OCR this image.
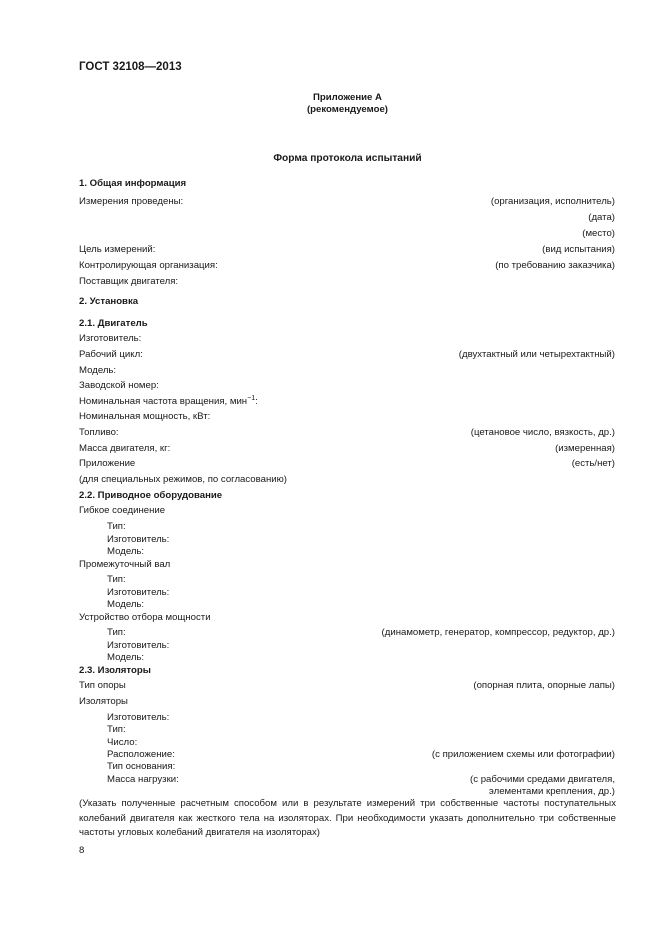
ГОСТ 32108—2013
Приложение А
(рекомендуемое)
Форма протокола испытаний
1. Общая информация
Измерения проведены:	(организация, исполнитель)
(дата)
(место)
Цель измерений:	(вид испытания)
Контролирующая организация:	(по требованию заказчика)
Поставщик двигателя:
2. Установка
2.1. Двигатель
Изготовитель:
Рабочий цикл:	(двухтактный или четырехтактный)
Модель:
Заводской номер:
Номинальная частота вращения, мин$^{-1}$:
Номинальная мощность, кВт:
Топливо:	(цетановое число, вязкость, др.)
Масса двигателя, кг:	(измеренная)
Приложение	(есть/нет)
(для специальных режимов, по согласованию)
2.2. Приводное оборудование
Гибкое соединение
Тип:
Изготовитель:
Модель:
Промежуточный вал
Тип:
Изготовитель:
Модель:
Устройство отбора мощности
Тип:	(динамометр, генератор, компрессор, редуктор, др.)
Изготовитель:
Модель:
2.3. Изоляторы
Тип опоры	(опорная плита, опорные лапы)
Изоляторы
Изготовитель:
Тип:
Число:
Расположение:	(с приложением схемы или фотографии)
Тип основания:
Масса нагрузки:	(с рабочими средами двигателя,
элементами крепления, др.)
(Указать полученные расчетным способом или в результате измерений три собственные частоты поступательных колебаний двигателя как жесткого тела на изоляторах. При необходимости указать дополнительно три собственные частоты угловых колебаний двигателя на изоляторах)
8
